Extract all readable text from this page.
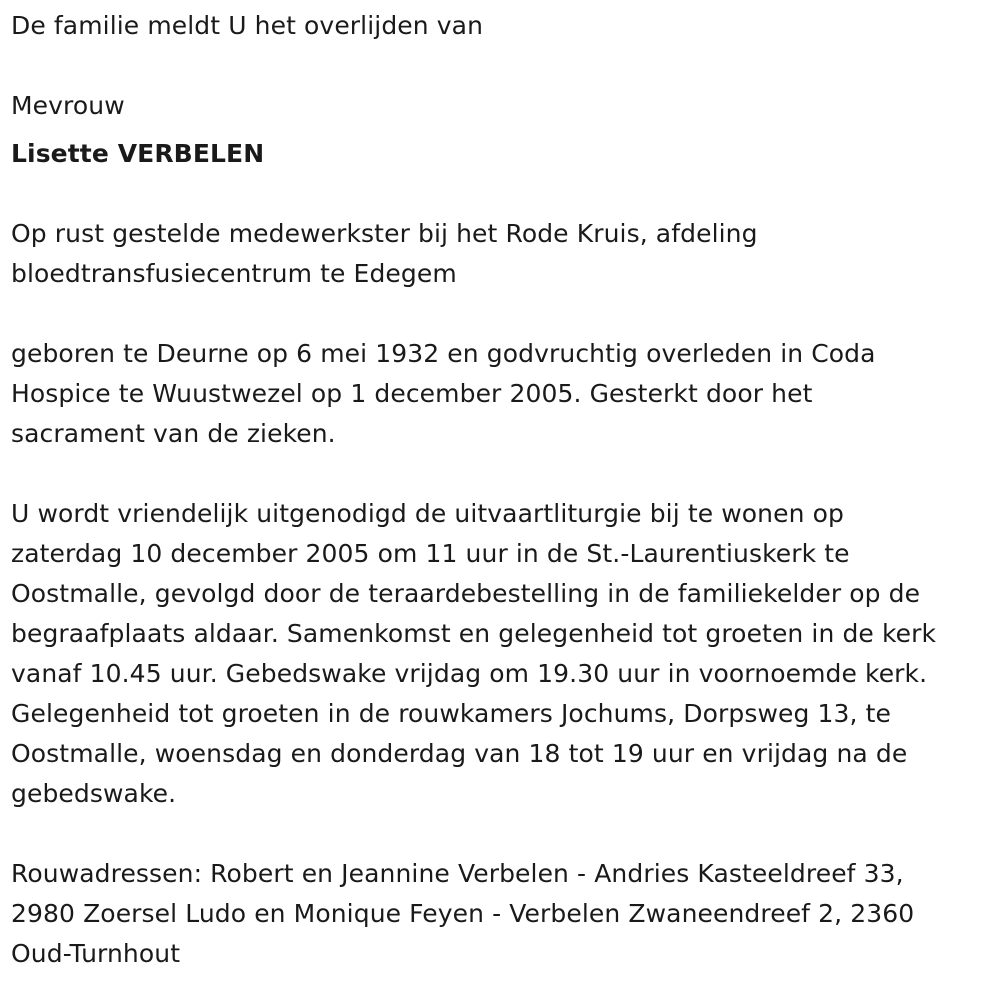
De familie meldt U het overlijden van

Mevrouw

Lisette VERBELEN

Op rust gestelde medewerkster bij het Rode Kruis, afdeling

bloedtransfusiecentrum te Edegem

geboren te Deurne op 6 mei 1932 en godvruchtig overleden in Coda

Hospice te Wuustwezel op 1 december 2005. Gesterkt door het

sacrament van de zieken.

U wordt vriendelijk uitgenodigd de uitvaartliturgie bij te wonen op

zaterdag 10 december 2005 om 11 uur in de St.-Laurentiuskerk te

Oostmalle, gevolgd door de teraardebestelling in de familiekelder op de

begraafplaats aldaar. Samenkomst en gelegenheid tot groeten in de kerk

vanaf 10.45 uur. Gebedswake vrijdag om 19.30 uur in voornoemde kerk.

Gelegenheid tot groeten in de rouwkamers Jochums, Dorpsweg 13, te

Oostmalle, woensdag en donderdag van 18 tot 19 uur en vrijdag na de

gebedswake.

Rouwadressen: Robert en Jeannine Verbelen - Andries Kasteeldreef 33,

2980 Zoersel Ludo en Monique Feyen - Verbelen Zwaneendreef 2, 2360

Oud-Turnhout
